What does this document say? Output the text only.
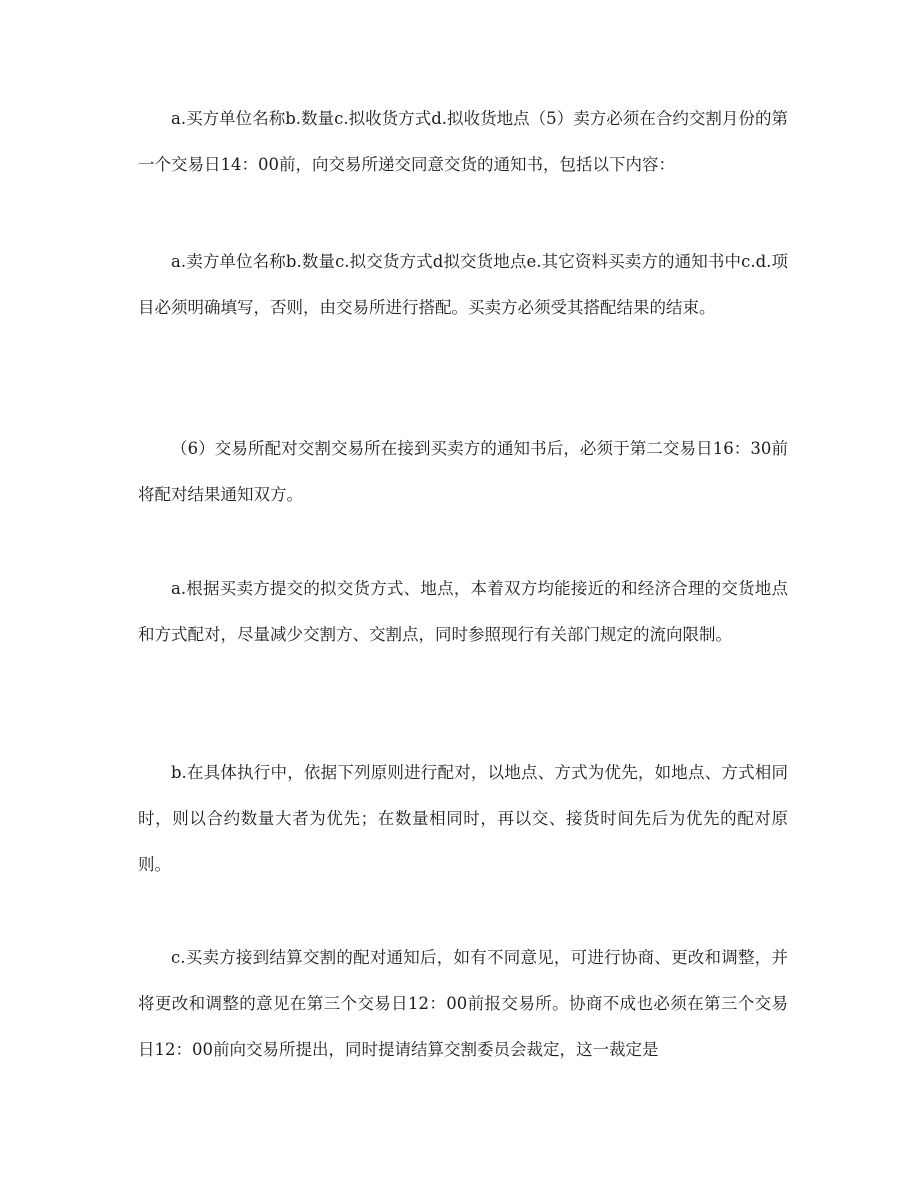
a.买方单位名称b.数量c.拟收货方式d.拟收货地点（5）卖方必须在合约交割月份的第一个交易日14：00前，向交易所递交同意交货的通知书，包括以下内容：

a.卖方单位名称b.数量c.拟交货方式d拟交货地点e.其它资料买卖方的通知书中c.d.项目必须明确填写，否则，由交易所进行搭配。买卖方必须受其搭配结果的结束。

（6）交易所配对交割交易所在接到买卖方的通知书后，必须于第二交易日16：30前将配对结果通知双方。

a.根据买卖方提交的拟交货方式、地点，本着双方均能接近的和经济合理的交货地点和方式配对，尽量减少交割方、交割点，同时参照现行有关部门规定的流向限制。

b.在具体执行中，依据下列原则进行配对，以地点、方式为优先，如地点、方式相同时，则以合约数量大者为优先；在数量相同时，再以交、接货时间先后为优先的配对原则。

c.买卖方接到结算交割的配对通知后，如有不同意见，可进行协商、更改和调整，并将更改和调整的意见在第三个交易日12：00前报交易所。协商不成也必须在第三个交易日12：00前向交易所提出，同时提请结算交割委员会裁定，这一裁定是
